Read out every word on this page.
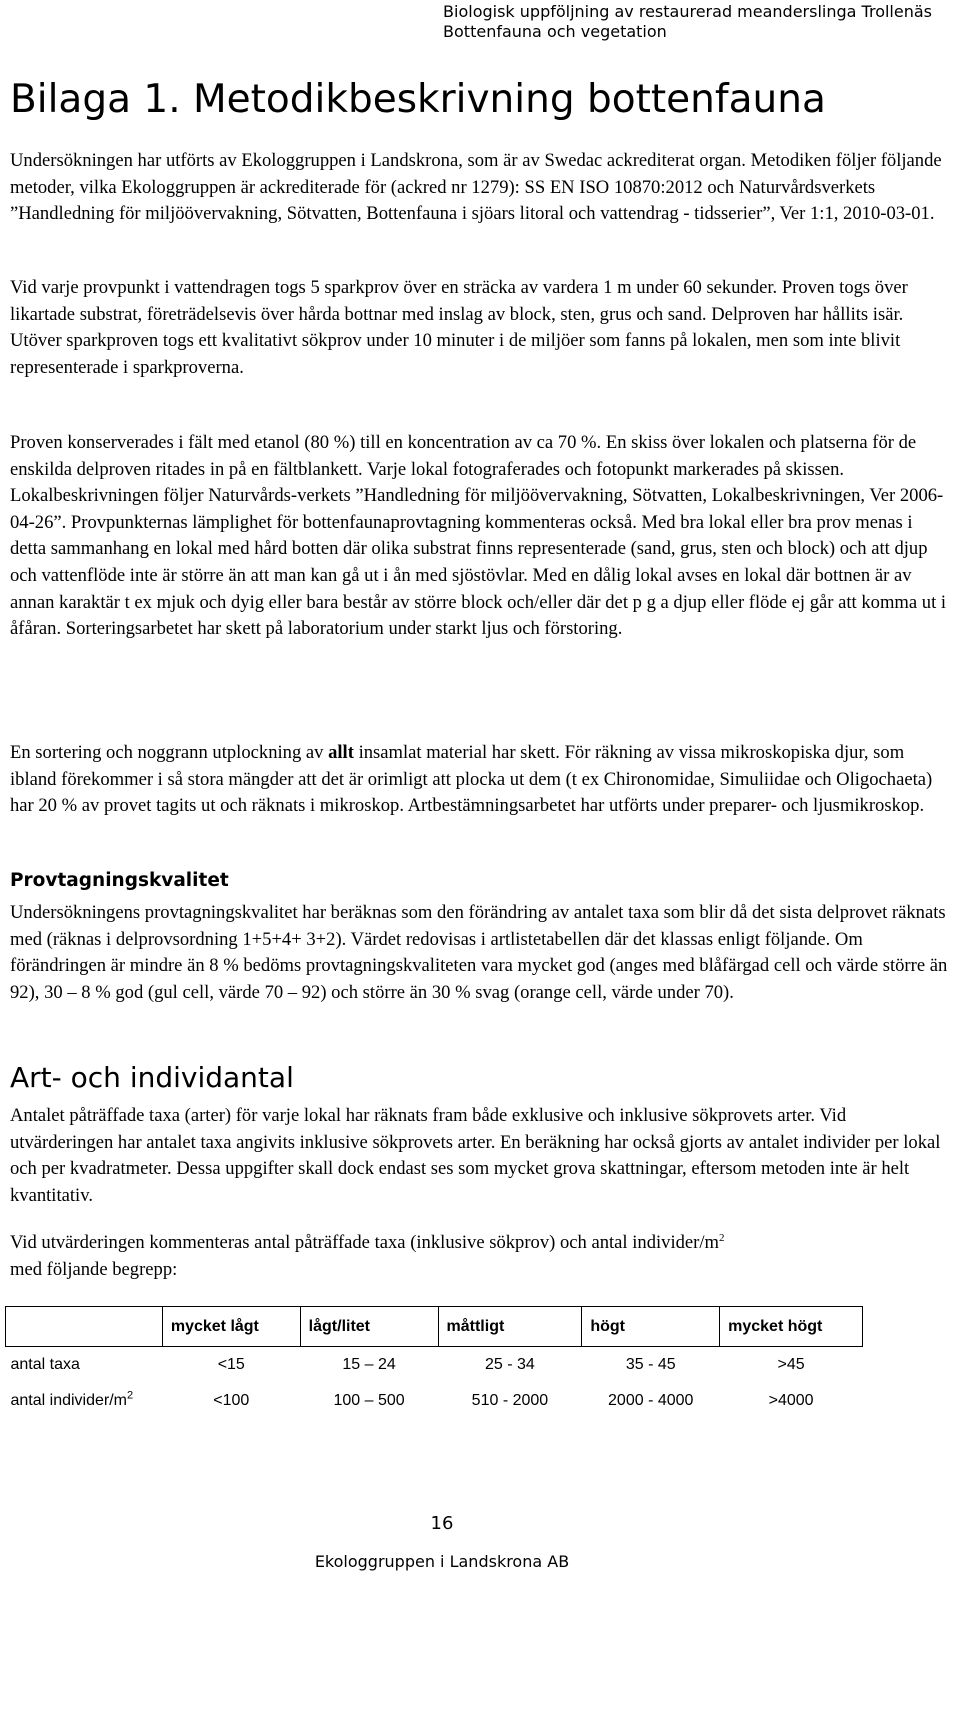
Biologisk uppföljning av restaurerad meanderslinga Trollenäs
Bottenfauna och vegetation
Bilaga 1. Metodikbeskrivning bottenfauna

Undersökningen har utförts av Ekologgruppen i Landskrona, som är av Swedac ackrediterat organ. Metodiken följer följande metoder, vilka Ekologgruppen är ackrediterade för (ackred nr 1279): SS EN ISO 10870:2012 och Naturvårdsverkets ”Handledning för miljöövervakning, Sötvatten, Bottenfauna i sjöars litoral och vattendrag - tidsserier”, Ver 1:1, 2010-03-01.

Vid varje provpunkt i vattendragen togs 5 sparkprov över en sträcka av vardera 1 m under 60 sekunder. Proven togs över likartade substrat, företrädelsevis över hårda bottnar med inslag av block, sten, grus och sand. Delproven har hållits isär. Utöver sparkproven togs ett kvalitativt sökprov under 10 minuter i de miljöer som fanns på lokalen, men som inte blivit representerade i sparkproverna.

Proven konserverades i fält med etanol (80 %) till en koncentration av ca 70 %. En skiss över lokalen och platserna för de enskilda delproven ritades in på en fältblankett. Varje lokal fotograferades och fotopunkt markerades på skissen. Lokalbeskrivningen följer Naturvårds-verkets ”Handledning för miljöövervakning, Sötvatten, Lokalbeskrivningen, Ver 2006-04-26”. Provpunkternas lämplighet för bottenfaunaprovtagning kommenteras också. Med bra lokal eller bra prov menas i detta sammanhang en lokal med hård botten där olika substrat finns representerade (sand, grus, sten och block) och att djup och vattenflöde inte är större än att man kan gå ut i ån med sjöstövlar. Med en dålig lokal avses en lokal där bottnen är av annan karaktär t ex mjuk och dyig eller bara består av större block och/eller där det p g a djup eller flöde ej går att komma ut i åfåran. Sorteringsarbetet har skett på laboratorium under starkt ljus och förstoring.

En sortering och noggrann utplockning av allt insamlat material har skett. För räkning av vissa mikroskopiska djur, som ibland förekommer i så stora mängder att det är orimligt att plocka ut dem (t ex Chironomidae, Simuliidae och Oligochaeta) har 20 % av provet tagits ut och räknats i mikroskop. Artbestämningsarbetet har utförts under preparer- och ljusmikroskop.

Provtagningskvalitet

Undersökningens provtagningskvalitet har beräknas som den förändring av antalet taxa som blir då det sista delprovet räknats med (räknas i delprovsordning 1+5+4+ 3+2). Värdet redovisas i artlistetabellen där det klassas enligt följande. Om förändringen är mindre än 8 % bedöms provtagningskvaliteten vara mycket god (anges med blåfärgad cell och värde större än 92), 30 – 8 % god (gul cell, värde 70 – 92) och större än 30 % svag (orange cell, värde under 70).

Art- och individantal

Antalet påträffade taxa (arter) för varje lokal har räknats fram både exklusive och inklusive sökprovets arter. Vid utvärderingen har antalet taxa angivits inklusive sökprovets arter. En beräkning har också gjorts av antalet individer per lokal och per kvadratmeter. Dessa uppgifter skall dock endast ses som mycket grova skattningar, eftersom metoden inte är helt kvantitativ.

Vid utvärderingen kommenteras antal påträffade taxa (inklusive sökprov) och antal individer/$m^2$
med följande begrepp:

	mycket lågt	lågt/litet	måttligt	högt	mycket högt
antal taxa	<15	15 – 24	25 - 34	35 - 45	>45
antal individer/$m^2$	<100	100 – 500	510 - 2000	2000 - 4000	>4000
16
Ekologgruppen i Landskrona AB
